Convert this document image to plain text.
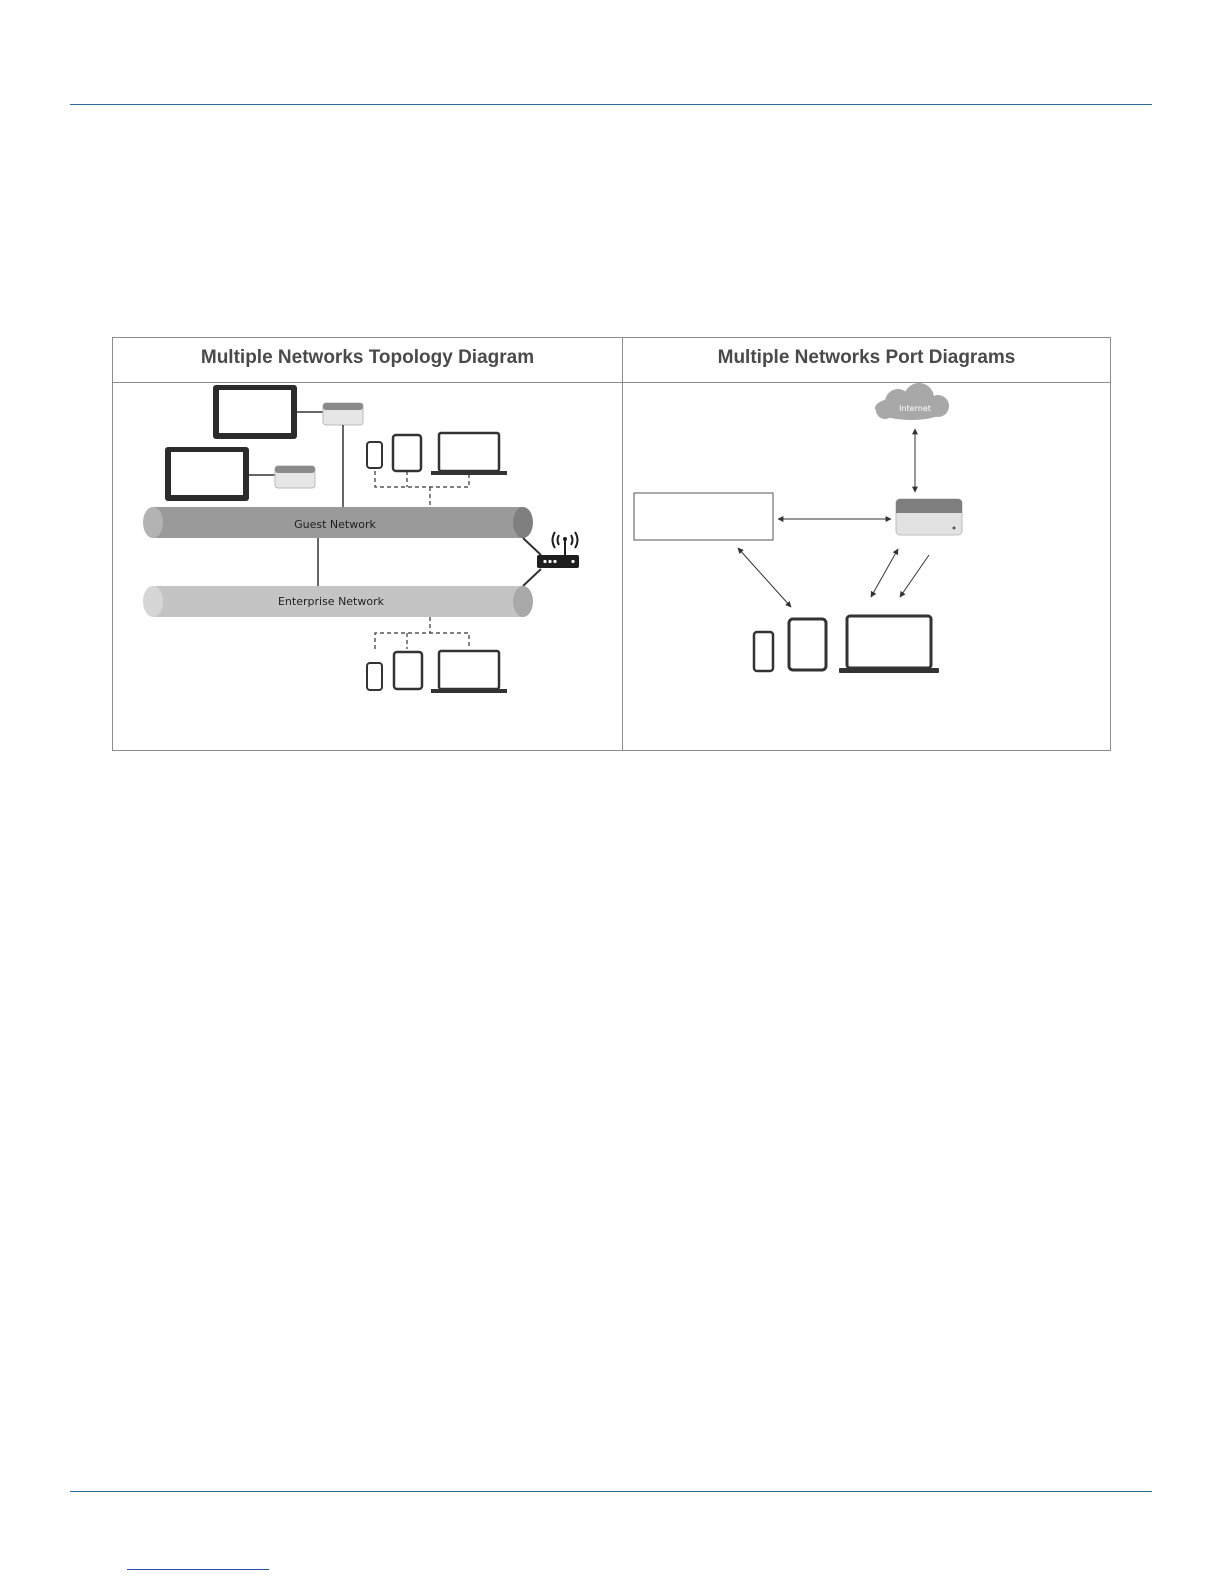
Multiple Networks Topology Diagram	Multiple Networks Port Diagrams
Guest Network
Enterprise Network
Internet
